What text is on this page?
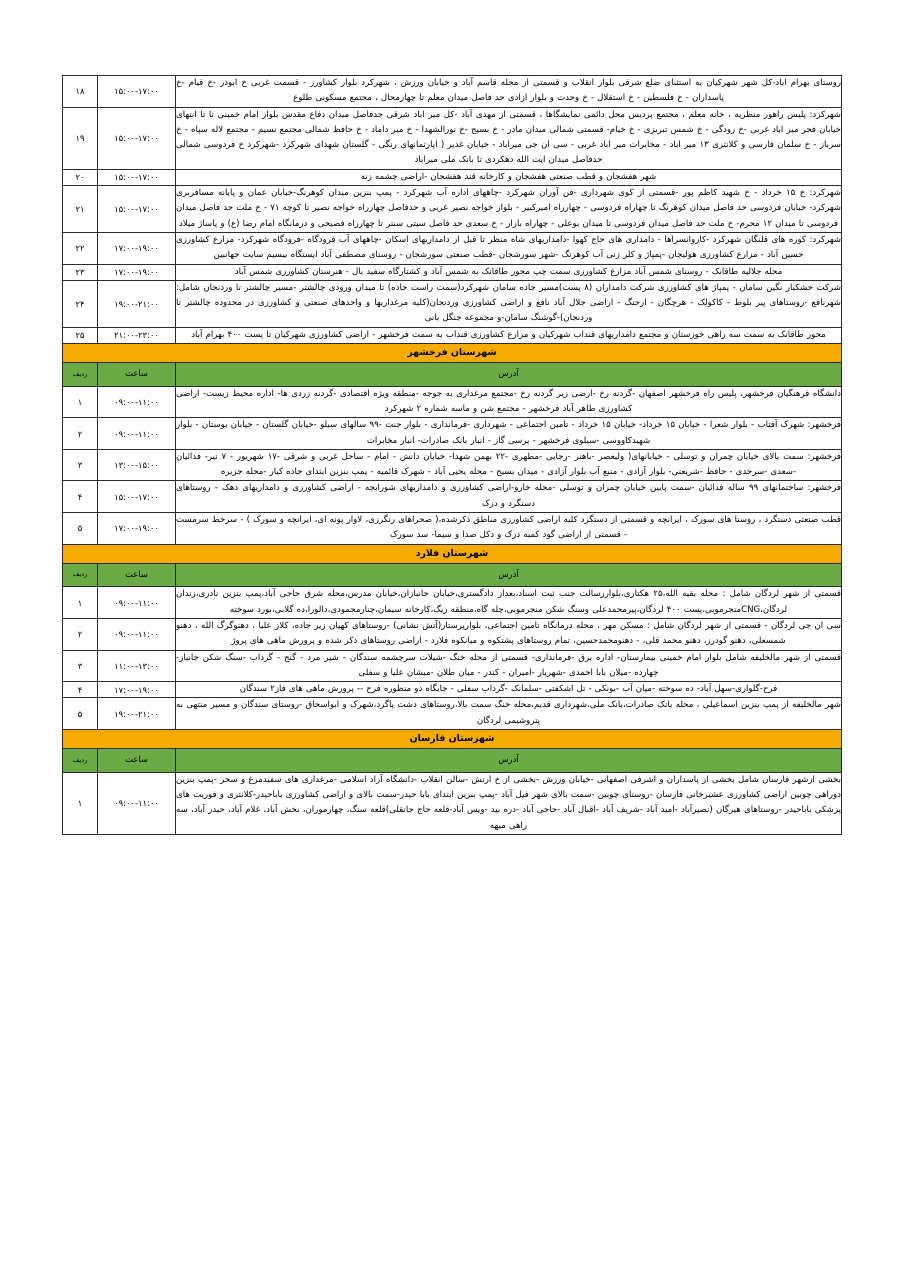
روستای بهرام اباد-کل شهر شهرکیان به استثنای ضلع شرقی بلوار انقلاب و قسمتی از محله قاسم آباد و خیابان ورزش ، شهرکرد بلوار کشاورز - قسمت غربی خ ابوذر -خ قیام -خ پاسداران - خ فلسطین - خ استقلال - خ وحدت و بلوار ازادی حد فاصل میدان معلم تا چهارمحال ، مجتمع مسکونی طلوع	۱۵:۰۰-۱۷:۰۰	۱۸
شهرکرد: پلیس راهور منظریه ، خانه معلم ، مجتمع پردیس محل دائمی نمایشگاها ، قسمتی از مهدی آباد -کل میر اباد شرقی حدفاصل میدان دفاع مقدس بلوار امام خمینی تا تا انتهای خیابان فجر میر اباد غربی -خ رودگی - خ شمس تبریزی - خ خیام- قسمتی شمالی میدان مادر - خ بسیج -خ نورالشهدا - خ میر داماد - خ حافظ شمالی مجتمع نسیم - مجتمع لاله سپاه - خ سرباز - خ سلمان فارسی و کلانتری ۱۳ میر اباد - مخابرات میر اباد غربی - سی ان جی میراباد - خیابان غدیر ( اپارتمانهای رنگی - گلستان شهدای شهرکرد -شهرکرد خ فردوسی شمالی حدفاصل میدان ایت الله دهکردی تا بانک ملی میراباد	۱۵:۰۰-۱۷:۰۰	۱۹
شهر هفشجان و قطب صنعتی هفشجان و کارخانه قند هفشجان -اراضی چشمه زنه	۱۵:۰۰-۱۷:۰۰	۲۰
شهرکرد: خ ۱۵ خرداد - خ شهید کاظم پور -قسمتی از کوی شهرداری -فن آوران شهرکرد -چاههای اداره آب شهرکرد - پمپ بنزین میدان کوهرنگ-خیابان عمان و پایانه مسافربری شهرکرد- خیابان فردوسی حد فاصل میدان کوهرنگ تا چهاراه فردوسی - چهارراه امیرکبیر - بلوار خواجه نصیر غربی و حدفاصل چهارراه خواجه نصیر تا کوچه ۷۱ - خ ملت حد فاصل میدان فردوسی تا میدان ۱۲ محرم- خ ملت حد فاصل میدان فردوسی تا میدان بوعلی - چهاراه بازار - خ سعدی حد فاصل سیتی سنتر تا چهارراه فصیحی و درمانگاه امام رضا (ع) و پاساژ میلاد	۱۵:۰۰-۱۷:۰۰	۲۱
شهرکرد: کوره های قلنگان شهرکرد -کاروانسراها - دامداری های حاج کهوا -دامداریهای شاه منظر تا قبل از دامداریهای اسکان -چاههای آب فرودگاه -فرودگاه شهرکرد- مزارع کشاورزی حسین آباد - مزارع کشاورزی هولیجان -پمپاژ و کلر زنی آب کوهرنگ -شهر سورشجان -قطب صنعتی سورشجان - روستای مصطفی آباد ایستگاه بیسیم سایت جهانبین	۱۷:۰۰-۱۹:۰۰	۲۲
محله جلالیه طاقانک - روستای شمس آباد مزارع کشاورزی سمت چپ محور طاقانک به شمس آباد و کشتارگاه سفید بال - هنرستان کشاورزی شمس آباد	۱۷:۰۰-۱۹:۰۰	۲۳
شرکت خشکبار نگین سامان - پمپاژ های کشاورزی شرکت دامداران (۸ پست)مسیر جاده سامان شهرکرد(سمت راست جاده) تا میدان ورودی چالشتر -مسیر چالشتر تا وردنجان شامل: شهرنافع -روستاهای پیر بلوط - کاکولک - هرچگان - ارجنگ - اراضی جلال آباد نافع و اراضی کشاورزی وردنجان(کلیه مرغداریها و واحدهای صنعتی و کشاورزی در محدوده چالشتر تا وردنجان)-گوشنگ سامان-و مجموعه جنگل بانی	۱۹:۰۰-۲۱:۰۰	۲۴
محور طاقانک به سمت سه راهی خوزستان و مجتمع دامداریهای قنداب شهرکیان و مزارع کشاورزی قنداب به سمت فرخشهر - اراضی کشاورزی شهرکیان تا پست ۴۰۰ بهرام آباد	۲۱:۰۰-۲۳:۰۰	۲۵
شهرستان فرخشهر		
آدرس	ساعت	ردیف
دانشگاه فرهنگیان فرخشهر، پلیس راه فرخشهر اصفهان -گردنه رخ -ارضی زیر گردنه رخ -مجتمع مرغداری به جوجه -منطقه ویژه اقتصادی -گردنه زردی ها- اداره محیط زیست- اراضی کشاورزی طاهر آباد فرخشهر - مجتمع شن و ماسه شماره ۲ شهرکرد	۰۹:۰۰-۱۱:۰۰	۱
فرخشهر: شهرک آفتاب - بلوار شعرا - خیابان ۱۵ خرداد- خیابان ۱۵ خرداد - تامین اجتماعی - شهرداری -فرمانداری - بلوار جنت -۹۹ سالهای سیلو -خیابان گلستان - خیابان بوستان - بلوار شهیدکاووسی -سیلوی فرخشهر - پرسی گاز - انبار بانک صادرات- انبار مخابرات	۰۹:۰۰-۱۱:۰۰	۲
فرخشهر: سمت بالای خیابان چمران و توسلی - خیابانهای( ولیعصر -باهنر -رجایی -مطهری -۲۲ بهمن شهدا- خیابان دانش - امام - ساحل غربی و شرقی -۱۷ شهریور - ۷ تیر- فدائیان -سعدی -سرحدی - حافظ -شریعتی- بلوار آزادی - منبع آب بلوار آزادی - میدان بسیج - محله یحیی آباد - شهرک قائمیه - پمپ بنزین ابتدای جاده کیار -محله جزیره	۱۳:۰۰-۱۵:۰۰	۳
فرخشهر: ساختمانهای ۹۹ ساله فدائیان -سمت پایین خیابان چمران و توسلی -محله خارو-اراضی کشاورزی و دامداریهای شورابجه - اراضی کشاورزی و دامداریهای دهک - روستاهای دستگرد و دزک	۱۵:۰۰-۱۷:۰۰	۴
قطب صنعتی دستگرد ، روستا های سورک ، ایرانچه و قسمتی از دستگرد کلیه اراضی کشاورزی مناطق ذکرشده،( صحراهای رنگرزی، لاوار پونه ای، ایرانچه و سورک ) - سرخط سرمست - قسمتی از اراضی گود کمبه دزک و دکل صدا و سیما- سد سورک	۱۷:۰۰-۱۹:۰۰	۵
شهرستان فلارد		
آدرس	ساعت	ردیف
قسمتی از شهر لردگان شامل : محله بقیه الله،۲۵ هکتاری،بلواررسالت جنب ثبت اسناد،بعداز دادگستری،خیابان جانبازان،خیابان مدرس،محله شرق حاجی آباد،پمپ بنزین نادری،زندان لردگان،CNGمنجرموبی،پست ۴۰۰ لردگان،پیرمحمدعلی وسنگ شکن منجرموبی،چله گاه،منطقه ریگ،کارخانه سیمان،چنارمحمودی،دالورا،ده گلابی،بورد سوخته	۰۹:۰۰-۱۱:۰۰	۱
سی ان جی لردگان - قسمتی از شهر لردگان شامل : مسکن مهر ، محله درمانگاه تامین اجتماعی، بلوارپرستار(آتش نشانی) -روستاهای کهیان زیر جاده، کلاز علیا ، دهنوگرگ الله ، دهنو شمسعلی، دهنو گودرز، دهنو محمد قلی، - دهنومحمدحسین، تمام روستاهای پشتکوه و میانکوه فلارد - اراضی روستاهای ذکر شده و پرورش ماهی های پروژ	۰۹:۰۰-۱۱:۰۰	۲
قسمتی از شهر مالخلیفه شامل بلوار امام خمینی بیمارستان- اداره برق -فرمانداری- قسمتی از محله خنگ -شیلات سرچشمه سندگان - شیر مرد - گنج - گرداب -سنگ شکن جانباز- چهارده -میلان بابا احمدی -شهریار -امیران - کندر - میان طلان -میشان علیا و سفلی	۱۱:۰۰-۱۳:۰۰	۳
فرح-گلواری-سهل آباد- ده سوخته -میان آب -بونکی - تل اشکفتی -سلمانک -گرداب سفلی - جایگاه دو منظوره فرح -- پرورش ماهی های فاز۲ سندگان	۱۷:۰۰-۱۹:۰۰	۴
شهر مالخلیفه از پمپ بنزین اسماعیلی ، محله بانک صادرات،بانک ملی،شهرداری قدیم،محله خنگ سمت بالا،روستاهای دشت پاگرد،شهرک و ابواسحاق -روستای سندگان و مسیر منتهی به پتروشیمی لردگان	۱۹:۰۰-۲۱:۰۰	۵
شهرستان فارسان		
آدرس	ساعت	ردیف
بخشی ازشهر فارسان شامل بخشی از پاسداران و اشرفی اصفهانی -خیابان ورزش -بخشی از خ ارتش -سالن انقلاب -دانشگاه آزاد اسلامی -مرغداری های سفیدمرغ و سحر -پمپ بنزین دوراهی چوبین اراضی کشاورزی عشیرخانی فارسان -روستای چوبین -سمت بالای شهر فیل آباد -پمپ بنزین ابتدای بابا حیدر-سمت بالای و اراضی کشاورزی باباحیدر-کلانتری و فوریت های پزشکی باباحیدر -روستاهای هیرگان (نصیرآباد -امید آباد -شریف آباد -اقبال آباد -حاجی آباد -دره بید -ویس آباد-قلعه حاج جانقلی)قلعه سنگ، چهارموران، بخش آباد، غلام آباد، حیدر آباد، سه راهی میهه	۰۹:۰۰-۱۱:۰۰	۱
